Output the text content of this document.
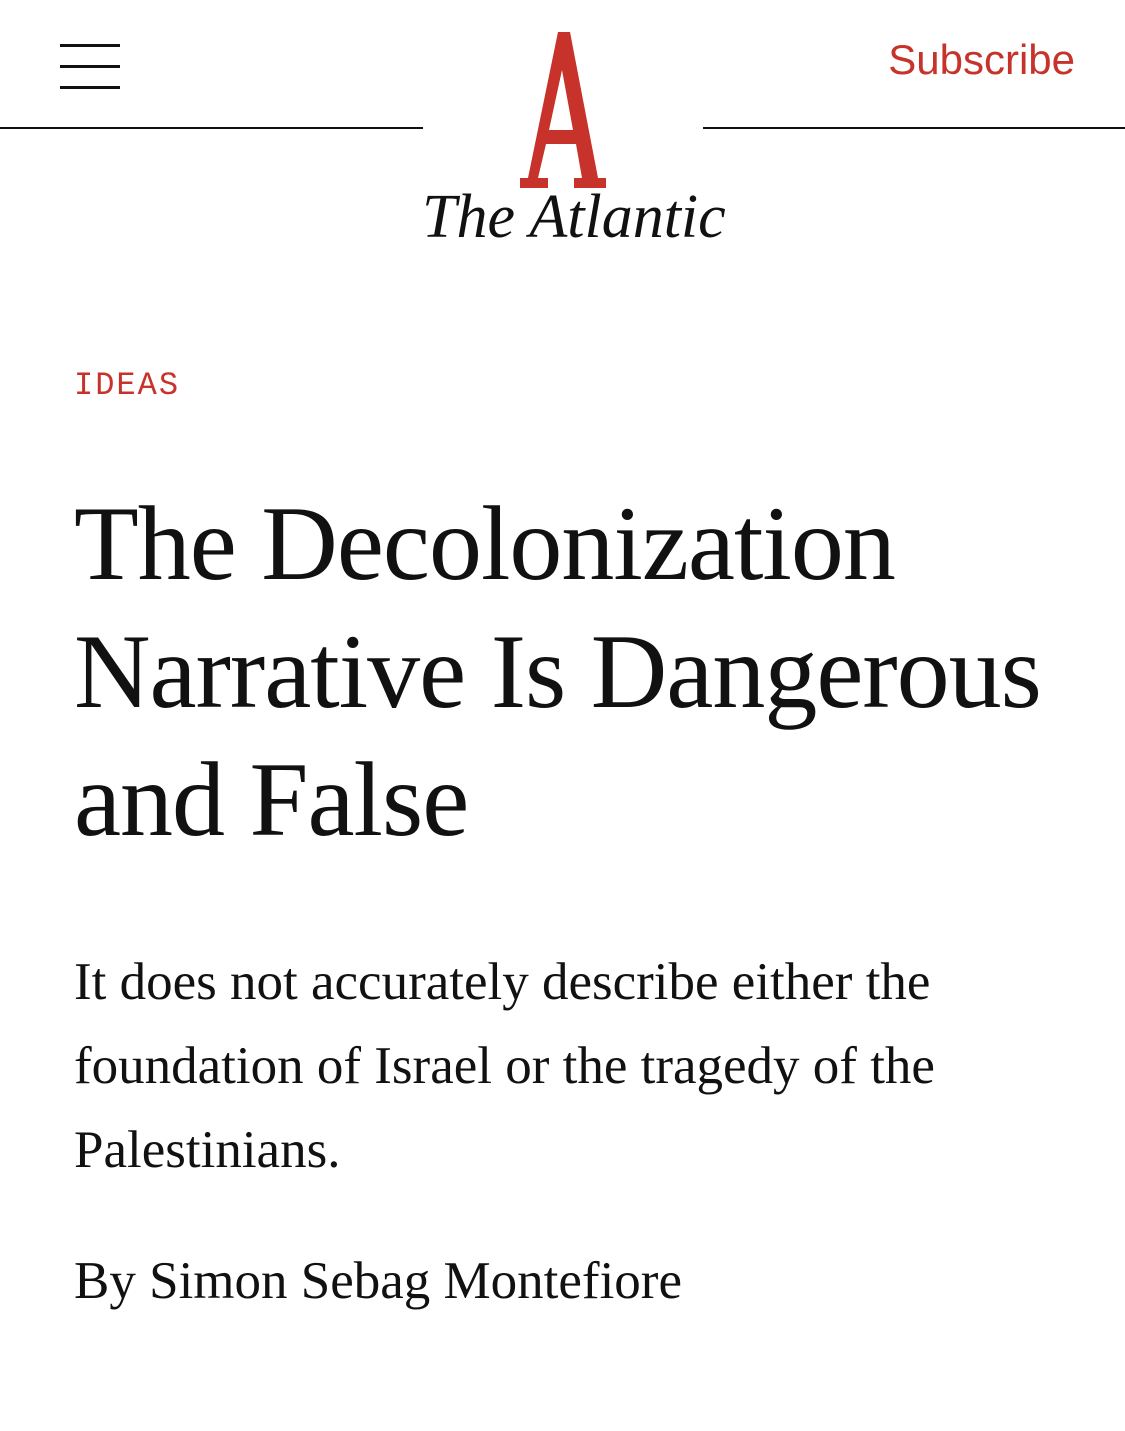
The Atlantic
Subscribe
IDEAS
The Decolonization Narrative Is Dangerous and False

It does not accurately describe either the foundation of Israel or the tragedy of the Palestinians.

By Simon Sebag Montefiore
